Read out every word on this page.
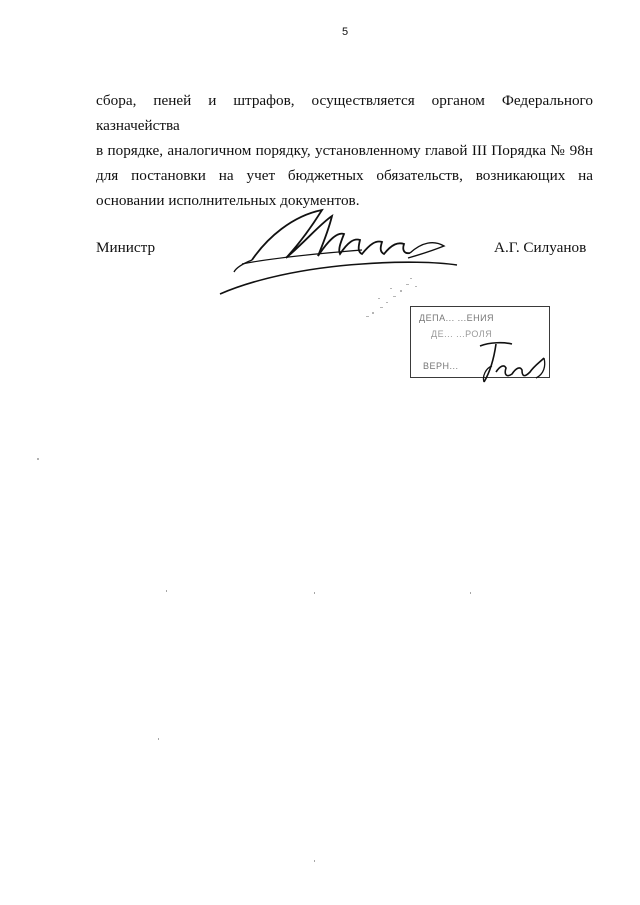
5
сбора, пеней и штрафов, осуществляется органом Федерального казначейства
в порядке, аналогичном порядку, установленному главой III Порядка № 98н
для постановки на учет бюджетных обязательств, возникающих на
основании исполнительных документов.
Министр	А.Г. Силуанов
ДЕПА... ...ЕНИЯ
ДЕ... ...РОЛЯ
ВЕРН...
